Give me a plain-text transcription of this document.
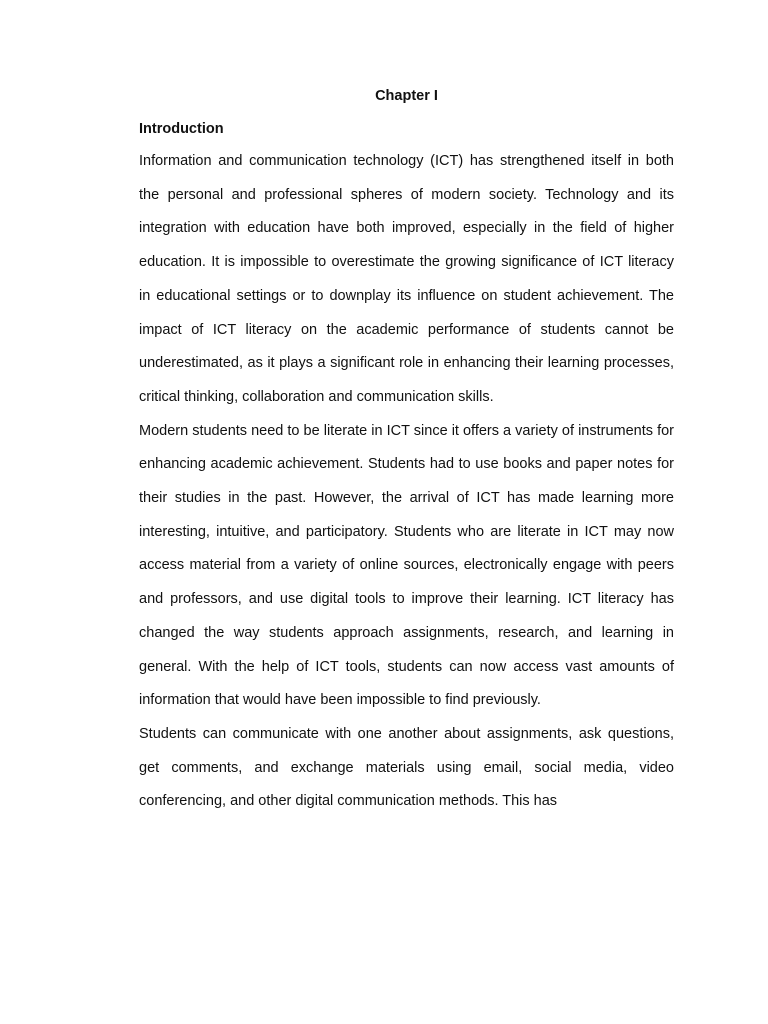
Chapter I
Introduction

Information and communication technology (ICT) has strengthened itself in both the personal and professional spheres of modern society. Technology and its integration with education have both improved, especially in the field of higher education. It is impossible to overestimate the growing significance of ICT literacy in educational settings or to downplay its influence on student achievement. The impact of ICT literacy on the academic performance of students cannot be underestimated, as it plays a significant role in enhancing their learning processes, critical thinking, collaboration and communication skills.

Modern students need to be literate in ICT since it offers a variety of instruments for enhancing academic achievement. Students had to use books and paper notes for their studies in the past. However, the arrival of ICT has made learning more interesting, intuitive, and participatory. Students who are literate in ICT may now access material from a variety of online sources, electronically engage with peers and professors, and use digital tools to improve their learning. ICT literacy has changed the way students approach assignments, research, and learning in general. With the help of ICT tools, students can now access vast amounts of information that would have been impossible to find previously.

Students can communicate with one another about assignments, ask questions, get comments, and exchange materials using email, social media, video conferencing, and other digital communication methods. This has
